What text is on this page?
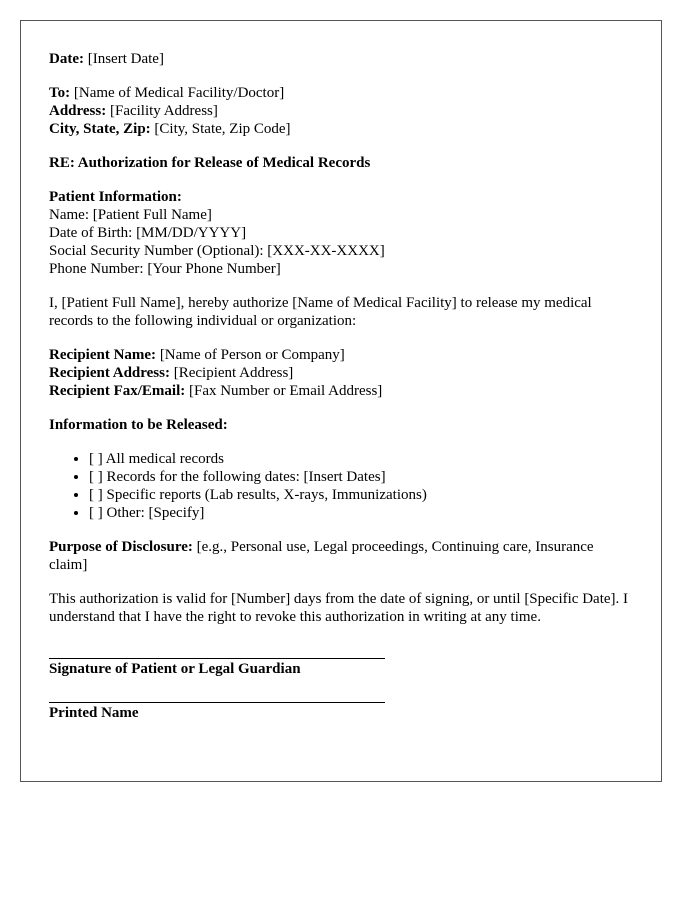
Date: [Insert Date]

To: [Name of Medical Facility/Doctor]
Address: [Facility Address]
City, State, Zip: [City, State, Zip Code]

RE: Authorization for Release of Medical Records

Patient Information:
Name: [Patient Full Name]
Date of Birth: [MM/DD/YYYY]
Social Security Number (Optional): [XXX-XX-XXXX]
Phone Number: [Your Phone Number]

I, [Patient Full Name], hereby authorize [Name of Medical Facility] to release my medical records to the following individual or organization:

Recipient Name: [Name of Person or Company]
Recipient Address: [Recipient Address]
Recipient Fax/Email: [Fax Number or Email Address]

Information to be Released:

• [ ] All medical records
• [ ] Records for the following dates: [Insert Dates]
• [ ] Specific reports (Lab results, X-rays, Immunizations)
• [ ] Other: [Specify]

Purpose of Disclosure: [e.g., Personal use, Legal proceedings, Continuing care, Insurance claim]

This authorization is valid for [Number] days from the date of signing, or until [Specific Date]. I understand that I have the right to revoke this authorization in writing at any time.

Signature of Patient or Legal Guardian
Printed Name
